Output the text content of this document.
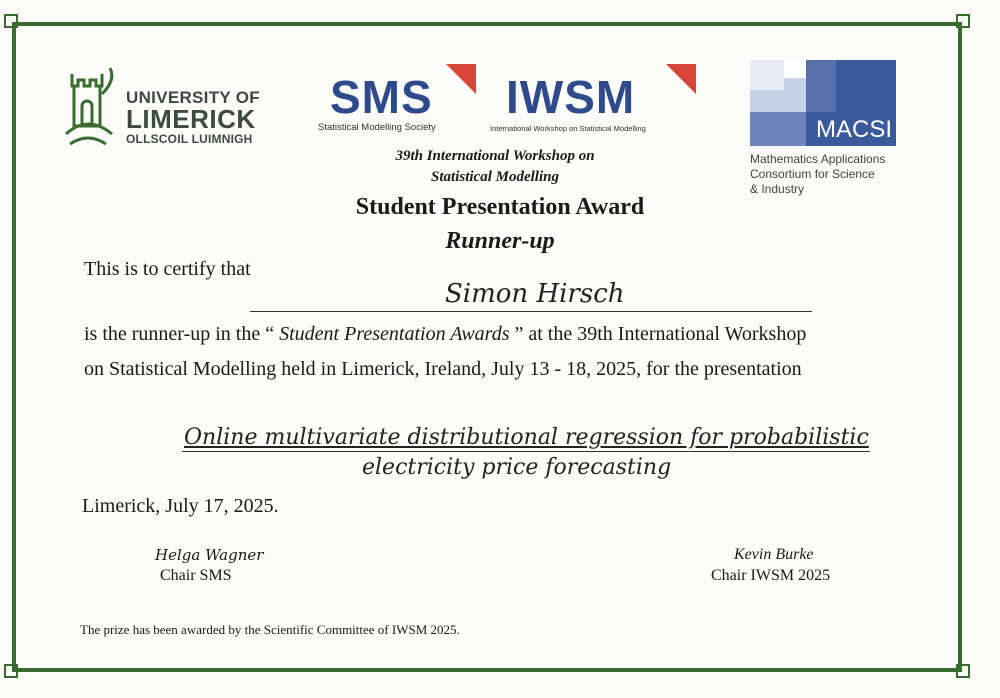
UNIVERSITY OF
LIMERICK
OLLSCOIL LUIMNIGH
SMS
Statistical Modelling Society
IWSM
International Workshop on Statistical Modelling	MACSI
Mathematics Applications
Consortium for Science
& Industry
39th International Workshop on
Statistical Modelling
Student Presentation Award
Runner-up
This is to certify that
Simon Hirsch
is the runner-up in the “ Student Presentation Awards ” at the 39th International Workshop
on Statistical Modelling held in Limerick, Ireland, July 13 - 18, 2025, for the presentation
Online multivariate distributional regression for probabilistic
electricity price forecasting
Limerick, July 17, 2025.
Helga Wagner
Chair SMS
Kevin Burke
Chair IWSM 2025
The prize has been awarded by the Scientific Committee of IWSM 2025.
